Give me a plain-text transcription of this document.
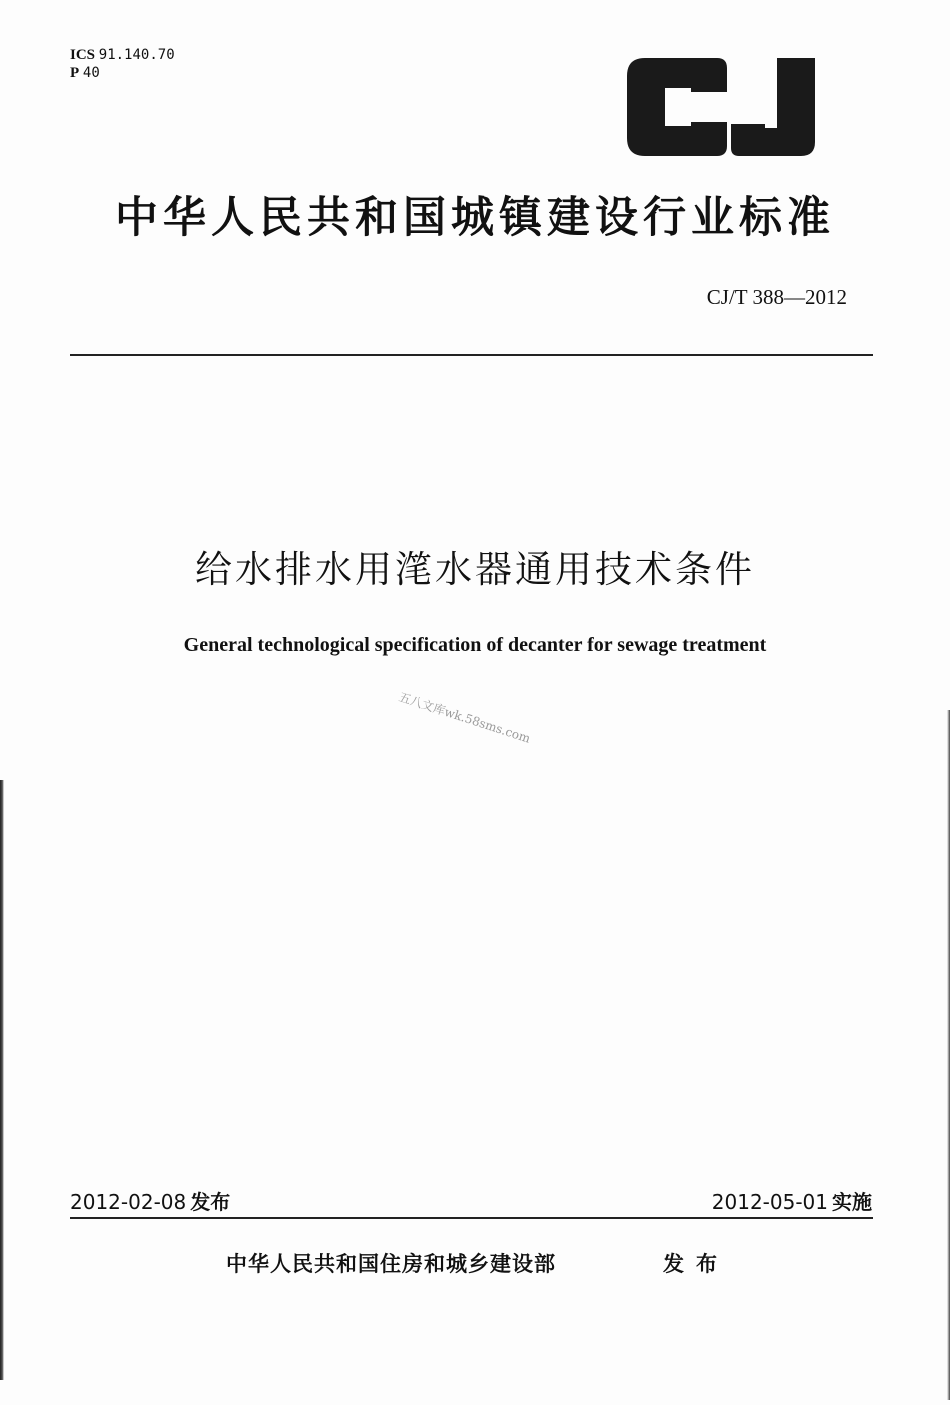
ICS 91.140.70
P 40
中华人民共和国城镇建设行业标准
CJ/T 388—2012
给水排水用滗水器通用技术条件
General technological specification of decanter for sewage treatment
五八文库wk.58sms.com
2012-02-08 发布	2012-05-01 实施
中华人民共和国住房和城乡建设部	发布
